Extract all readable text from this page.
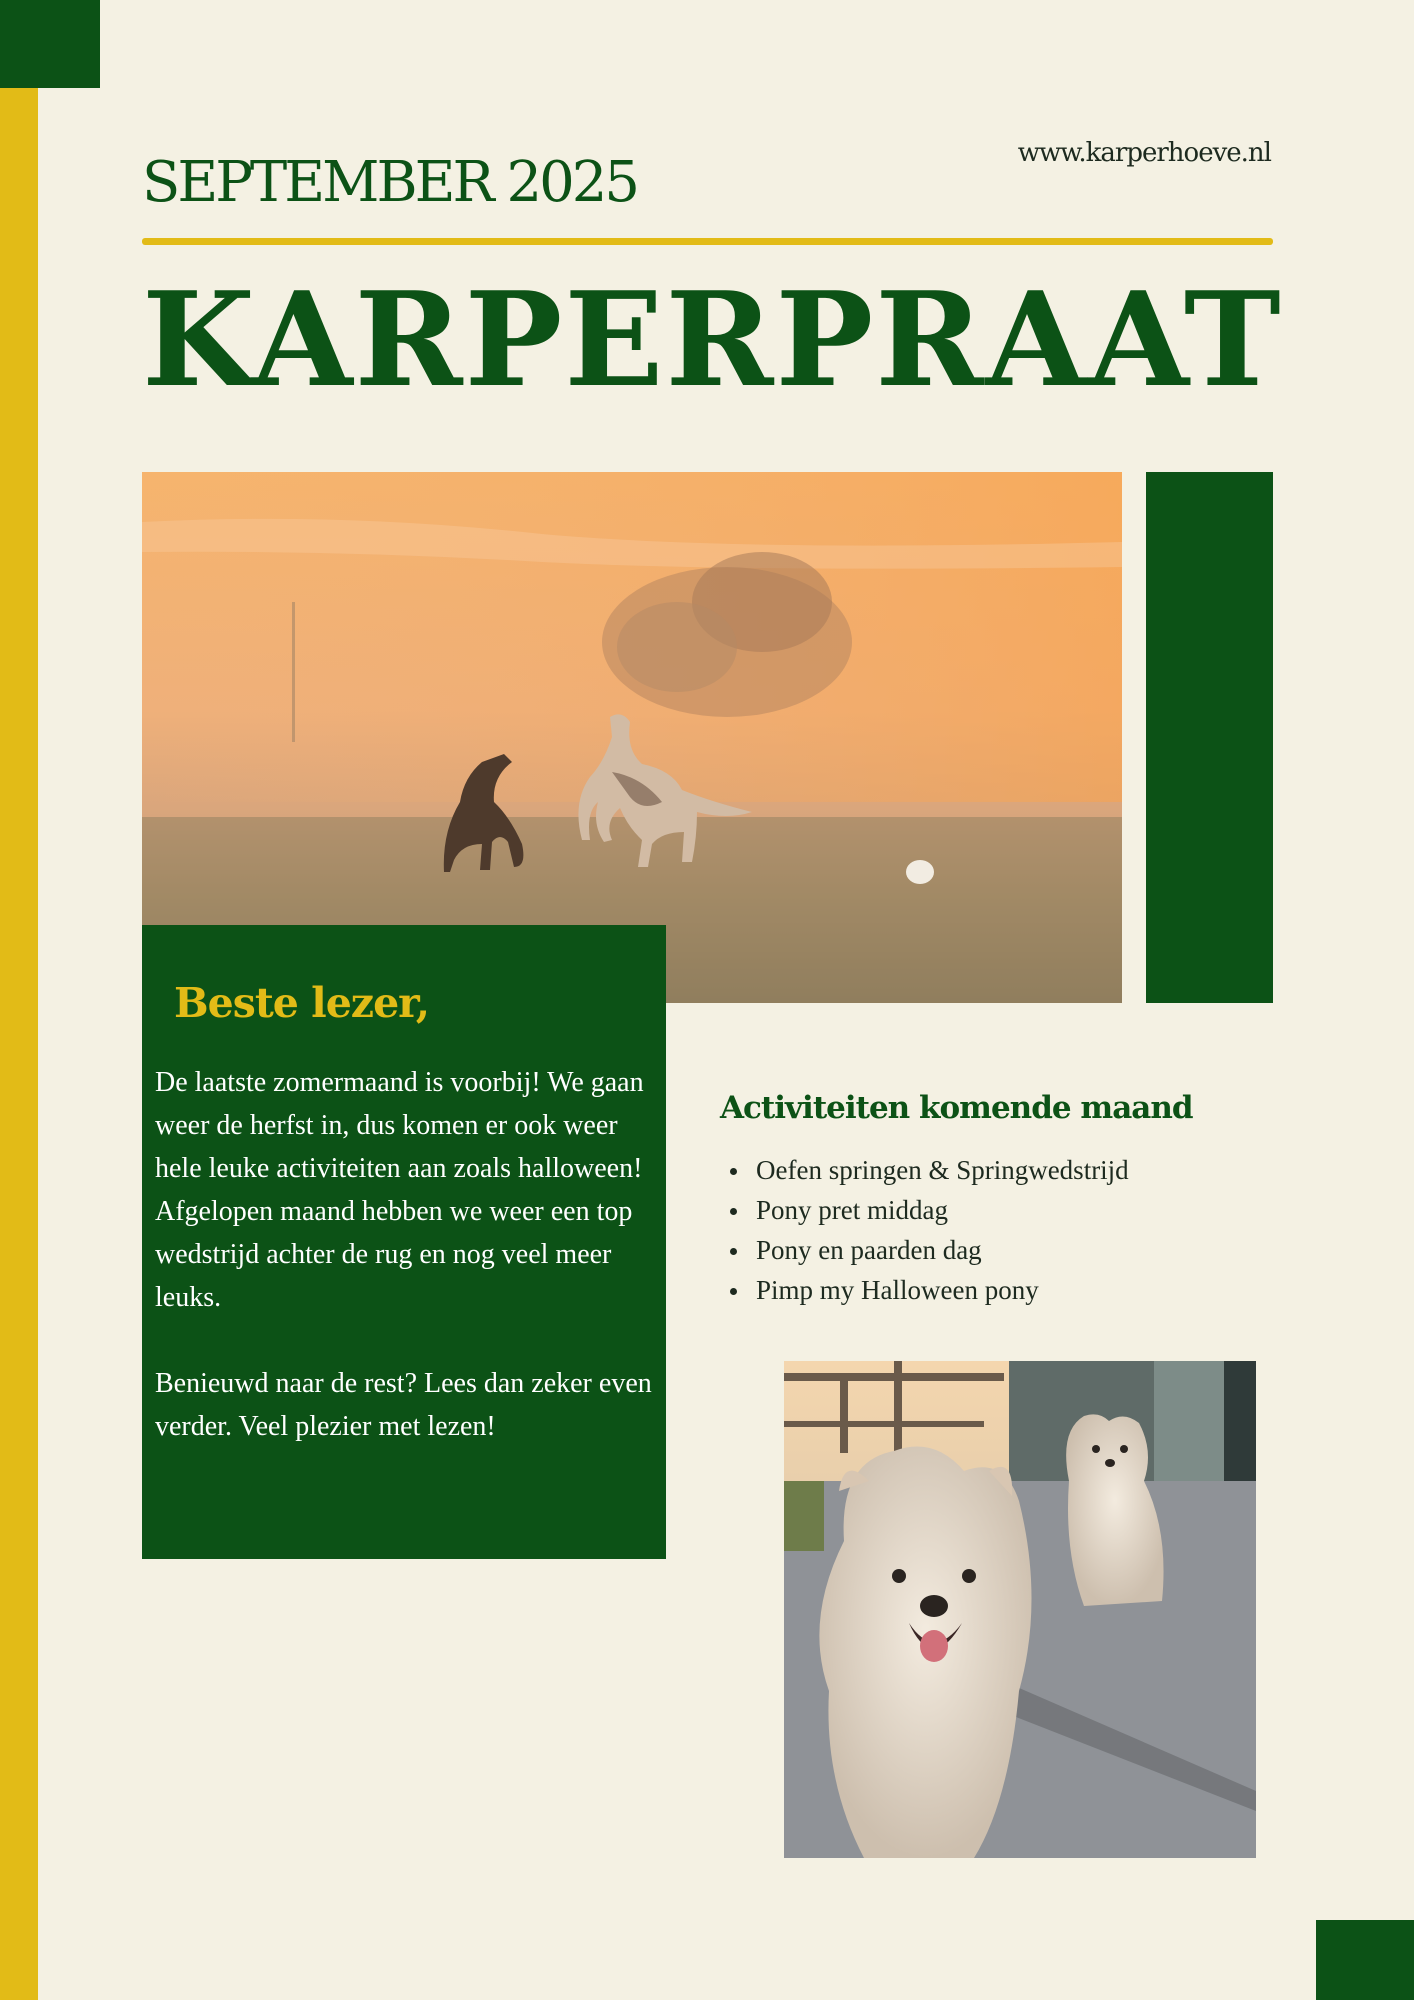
SEPTEMBER 2025	www.karperhoeve.nl
KARPERPRAAT
Beste lezer,

De laatste zomermaand is voorbij! We gaan weer de herfst in, dus komen er ook weer hele leuke activiteiten aan zoals halloween! Afgelopen maand hebben we weer een top wedstrijd achter de rug en nog veel meer leuks.

Benieuwd naar de rest? Lees dan zeker even verder. Veel plezier met lezen!

Activiteiten komende maand
Oefen springen & Springwedstrijd
Pony pret middag
Pony en paarden dag
Pimp my Halloween pony
